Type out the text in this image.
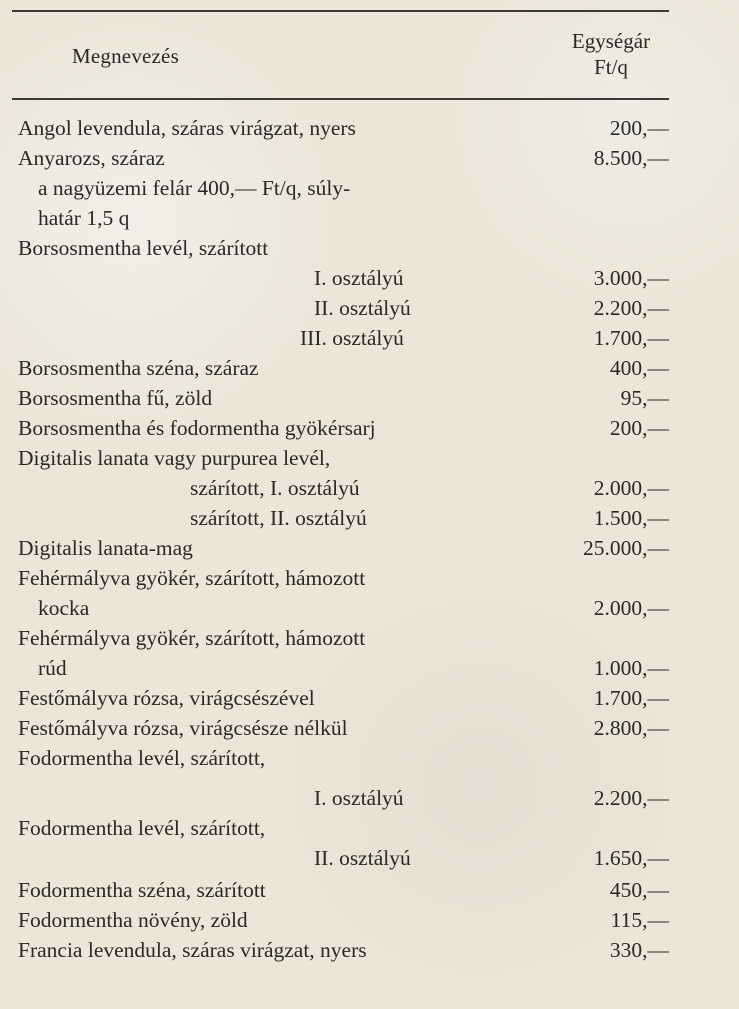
Megnevezés
Egységár
Ft/q
Angol levendula, száras virágzat, nyers	200,—
Anyarozs, száraz	8.500,—
a nagyüzemi felár 400,— Ft/q, súly-
határ 1,5 q
Borsosmentha levél, szárított
I. osztályú	3.000,—
II. osztályú	2.200,—
III. osztályú	1.700,—
Borsosmentha széna, száraz	400,—
Borsosmentha fű, zöld	95,—
Borsosmentha és fodormentha gyökérsarj	200,—
Digitalis lanata vagy purpurea levél,
szárított, I. osztályú	2.000,—
szárított, II. osztályú	1.500,—
Digitalis lanata-mag	25.000,—
Fehérmályva gyökér, szárított, hámozott
kocka	2.000,—
Fehérmályva gyökér, szárított, hámozott
rúd	1.000,—
Festőmályva rózsa, virágcsészével	1.700,—
Festőmályva rózsa, virágcsésze nélkül	2.800,—
Fodormentha levél, szárított,
I. osztályú	2.200,—
Fodormentha levél, szárított,
II. osztályú	1.650,—
Fodormentha széna, szárított	450,—
Fodormentha növény, zöld	115,—
Francia levendula, száras virágzat, nyers	330,—
